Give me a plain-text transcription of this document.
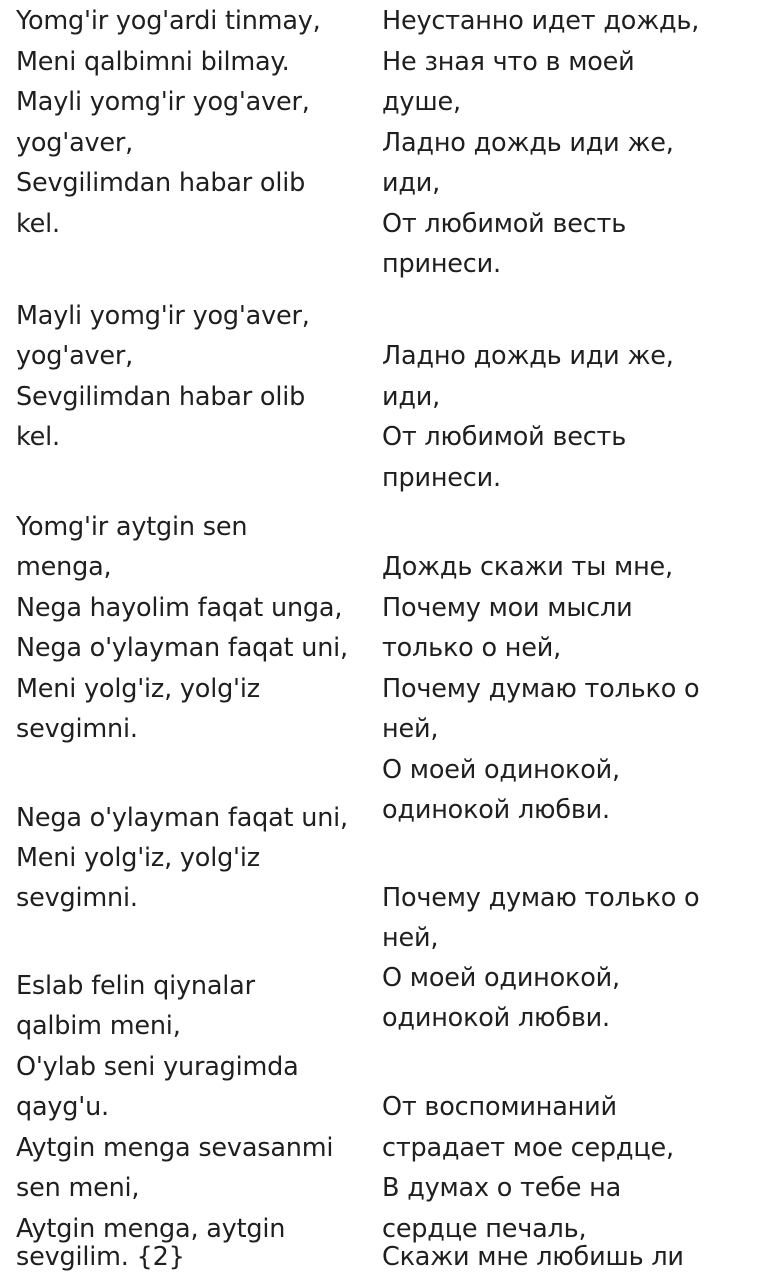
Yomg'ir yog'ardi tinmay,
Meni qalbimni bilmay.
Mayli yomg'ir yog'aver,
yog'aver,
Sevgilimdan habar olib
kel.
Mayli yomg'ir yog'aver,
yog'aver,
Sevgilimdan habar olib
kel.
Yomg'ir aytgin sen
menga,
Nega hayolim faqat unga,
Nega o'ylayman faqat uni,
Meni yolg'iz, yolg'iz
sevgimni.
Nega o'ylayman faqat uni,
Meni yolg'iz, yolg'iz
sevgimni.
Eslab felin qiynalar
qalbim meni,
O'ylab seni yuragimda
qayg'u.
Aytgin menga sevasanmi
sen meni,
Aytgin menga, aytgin
sevgilim. {2}
Неустанно идет дождь,
Не зная что в моей
душе,
Ладно дождь иди же,
иди,
От любимой весть
принеси.
Ладно дождь иди же,
иди,
От любимой весть
принеси.
Дождь скажи ты мне,
Почему мои мысли
только о ней,
Почему думаю только о
ней,
О моей одинокой,
одинокой любви.
Почему думаю только о
ней,
О моей одинокой,
одинокой любви.
От воспоминаний
страдает мое сердце,
В думах о тебе на
сердце печаль,
Скажи мне любишь ли
